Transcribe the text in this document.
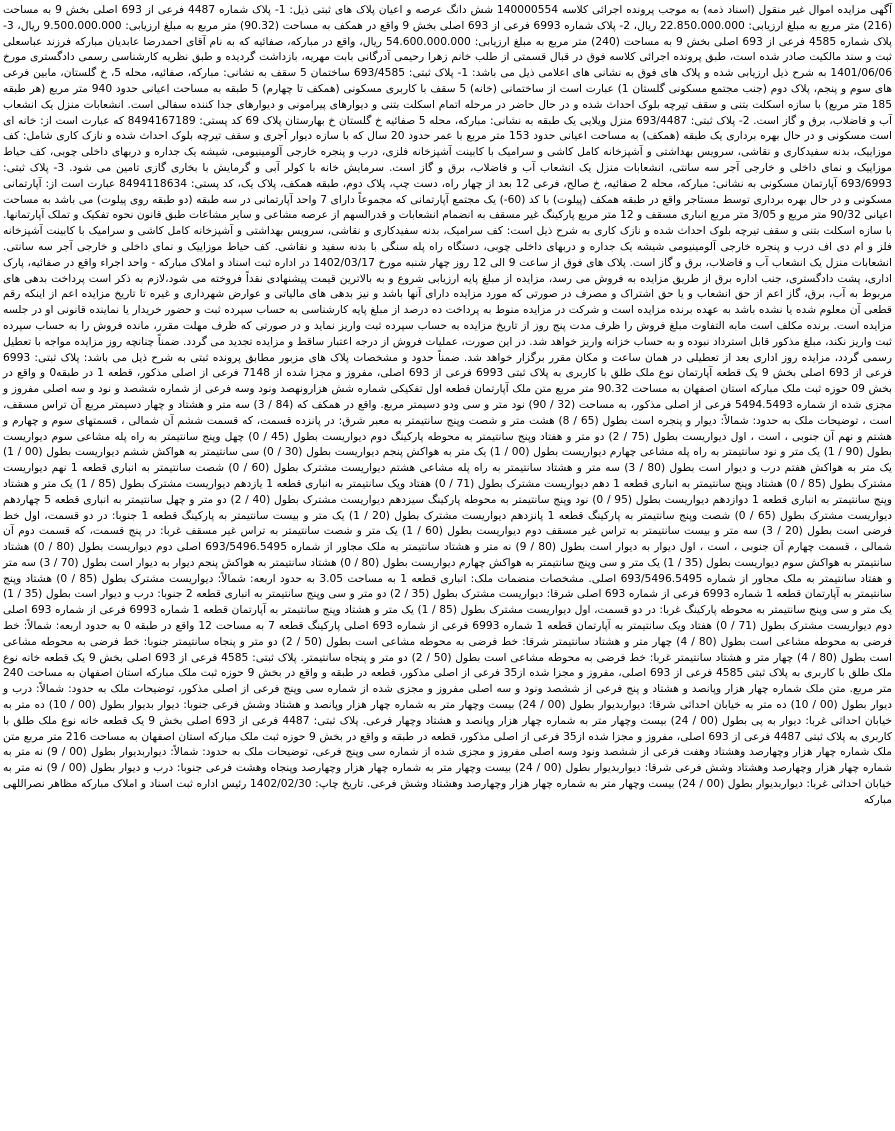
آگهی مزایده اموال غیر منقول (اسناد ذمه) به موجب پرونده اجرائی کلاسه 140000554 شش دانگ عرصه و اعیان پلاک های ثبتی ذیل: 1- پلاک شماره 4487 فرعی از 693 اصلی بخش 9 به مساحت (216) متر مربع به مبلغ ارزیابی: 22.850.000.000 ریال، 2- پلاک شماره 6993 فرعی از 693 اصلی بخش 9 واقع در همکف به مساحت (90.32) متر مربع به مبلغ ارزیابی: 9.500.000.000 ریال، 3-پلاک شماره 4585 فرعی از 693 اصلی بخش 9 به مساحت (240) متر مربع به مبلغ ارزیابی: 54.600.000.000 ریال، واقع در مبارکه، صفائیه که به نام آقای احمدرضا عابدیان مبارکه فرزند عباسعلی ثبت و سند مالکیت صادر شده است، طبق پرونده اجرائی کلاسه فوق در قبال قسمتی از طلب خانم زهرا رحیمی آدرگانی بابت مهریه، بازداشت گردیده و طبق نظریه کارشناسی رسمی دادگستری مورخ 1401/06/06 به شرح ذیل ارزیابی شده و پلاک های فوق به نشانی های اعلامی ذیل می باشد: 1- پلاک ثبتی: 693/4585 ساختمان 5 سقف به نشانی: مبارکه، صفائیه، محله 5، خ گلستان، مابین فرعی های سوم و پنجم، پلاک دوم (جنب مجتمع مسکونی گلستان 1) عبارت است از ساختمانی (خانه) 5 سقف با کاربری مسکونی (همکف تا چهارم) 5 طبقه به مساحت اعیانی حدود 940 متر مربع (هر طبقه 185 متر مربع) با سازه اسکلت بتنی و سقف تیرچه بلوک احداث شده و در حال حاضر در مرحله اتمام اسکلت بتنی و دیوارهای پیرامونی و دیوارهای جدا کننده سفالی است. انشعابات منزل یک انشعاب آب و فاضلاب، برق و گاز است. 2- پلاک ثبتی: 693/4487 منزل ویلایی یک طبقه به نشانی: مبارکه، محله 5 صفائیه خ گلستان خ بهارستان پلاک 69 کد پستی: 8494167189 که عبارت است از: خانه ای است مسکونی و در حال بهره برداری یک طبقه (همکف) به مساحت اعیانی حدود 153 متر مربع با عمر حدود 20 سال که با سازه دیوار آجری و سقف تیرچه بلوک احداث شده و نازک کاری شامل: کف موزاییک، بدنه سفیدکاری و نقاشی، سرویس بهداشتی و آشپزخانه کامل کاشی و سرامیک با کابینت آشپزخانه فلزی، درب و پنجره خارجی آلومینیومی، شیشه یک جداره و دربهای داخلی چوبی، کف حیاط موزاییک و نمای داخلی و خارجی آجر سه سانتی، انشعابات منزل یک انشعاب آب و فاضلاب، برق و گاز است. سرمایش خانه با کولر آبی و گرمایش با بخاری گازی تامین می شود. 3- پلاک ثبتی: 693/6993 آپارتمان مسکونی به نشانی: مبارکه، محله 2 صفائیه، خ صالح، فرعی 12 بعد از چهار راه، دست چپ، پلاک دوم، طبقه همکف، پلاک یک، کد پستی: 8494118634 عبارت است از: آپارتمانی مسکونی و در حال بهره برداری توسط مستاجر واقع در طبقه همکف (پیلوت) با کد (60-) یک مجتمع آپارتمانی که مجموعاً دارای 7 واحد آپارتمانی در سه طبقه (دو طبقه روی پیلوت) می باشد به مساحت اعیانی 90/32 متر مربع و 3/05 متر مربع انباری مسقف و 12 متر مربع پارکینگ غیر مسقف به انضمام انشعابات و قدرالسهم از عرصه مشاعی و سایر مشاعات طبق قانون نحوه تفکیک و تملک آپارتمانها. با سازه اسکلت بتنی و سقف تیرچه بلوک احداث شده و نازک کاری به شرح ذیل است: کف سرامیک، بدنه سفیدکاری و نقاشی، سرویس بهداشتی و آشپزخانه کامل کاشی و سرامیک با کابینت آشپزخانه فلز و ام دی اف درب و پنجره خارجی آلومینیومی شیشه یک جداره و دربهای داخلی چوبی، دستگاه راه پله سنگی با بدنه سفید و نقاشی. کف حیاط موزاییک و نمای داخلی و خارجی آجر سه سانتی. انشعابات منزل یک انشعاب آب و فاضلاب، برق و گاز است. پلاک های فوق از ساعت 9 الی 12 روز چهار شنبه مورخ 1402/03/17 در اداره ثبت اسناد و املاک مبارکه - واحد اجراء واقع در صفائیه، پارک اداری، پشت دادگستری، جنب اداره برق از طریق مزایده به فروش می رسد، مزایده از مبلغ پایه ارزیابی شروع و به بالاترین قیمت پیشنهادی نقداً فروخته می شود،لازم به ذکر است پرداخت بدهی های مربوط به آب، برق، گاز اعم از حق انشعاب و یا حق اشتراک و مصرف در صورتی که مورد مزایده دارای آنها باشد و نیز بدهی های مالیاتی و عوارض شهرداری و غیره تا تاریخ مزایده اعم از اینکه رقم قطعی آن معلوم شده یا نشده باشد به عهده برنده مزایده است و شرکت در مزایده منوط به پرداخت ده درصد از مبلغ پایه کارشناسی به حساب سپرده ثبت و حضور خریدار یا نماینده قانونی او در جلسه مزایده است. برنده مکلف است مابه التفاوت مبلغ فروش را ظرف مدت پنج روز از تاریخ مزایده به حساب سپرده ثبت واریز نماید و در صورتی که ظرف مهلت مقرر، مانده فروش را به حساب سپرده ثبت واریز نکند، مبلغ مذکور قابل استرداد نبوده و به حساب خزانه واریز خواهد شد. در این صورت، عملیات فروش از درجه اعتبار ساقط و مزایده تجدید می گردد. ضمناً چنانچه روز مزایده مواجه با تعطیل رسمی گردد، مزایده روز اداری بعد از تعطیلی در همان ساعت و مکان مقرر برگزار خواهد شد. ضمناً حدود و مشخصات پلاک های مزبور مطابق پرونده ثبتی به شرح ذیل می باشد: پلاک ثبتی: 6993 فرعی از 693 اصلی بخش 9 یک قطعه آپارتمان نوع ملک طلق با کاربری به پلاک ثبتی 6993 فرعی از 693 اصلی، مفروز و مجزا شده از 7148 فرعی از اصلی مذکور، قطعه 1 در طبقه0 و واقع در بخش 09 حوزه ثبت ملک مبارکه استان اصفهان به مساحت 90.32 متر مربع متن ملک آپارتمان قطعه اول تفکیکی شماره شش هزارونهصد ونود وسه فرعی از شماره ششصد و نود و سه اصلی مفروز و مجزی شده از شماره 5494.5493 فرعی از اصلی مذکور، به مساحت (32 / 90) نود متر و سی ودو دسیمتر مربع. واقع در همکف که (84 / 3) سه متر و هشتاد و چهار دسیمتر مربع آن تراس مسقف، است ، توضیحات ملک به حدود: شمالاً: دیوار و پنجره است بطول (65 / 8) هشت متر و شصت وپنج سانتیمتر به معبر شرق: در پانزده قسمت، که قسمت ششم آن شمالی ، قسمتهای سوم و چهارم و هشتم و نهم آن جنوبی ، است ، اول دیواریست بطول (75 / 2) دو متر و هفتاد وپنج سانتیمتر به محوطه پارکینگ دوم دیواریست بطول (45 / 0) چهل وپنج سانتیمتر به راه پله مشاعی سوم دیواریست بطول (90 / 1) یک متر و نود سانتیمتر به راه پله مشاعی چهارم دیواریست بطول (00 / 1) یک متر به هواکش پنجم دیواریست بطول (30 / 0) سی سانتیمتر به هواکش ششم دیواریست بطول (00 / 1) یک متر به هواکش هفتم درب و دیوار است بطول (80 / 3) سه متر و هشتاد سانتیمتر به راه پله مشاعی هشتم دیواریست مشترک بطول (60 / 0) شصت سانتیمتر به انباری قطعه 1 نهم دیواریست مشترک بطول (85 / 0) هشتاد وپنج سانتیمتر به انباری قطعه 1 دهم دیواریست مشترک بطول (71 / 0) هفتاد ویک سانتیمتر به انباری قطعه 1 یازدهم دیواریست مشترک بطول (85 / 1) یک متر و هشتاد وپنج سانتیمتر به انباری قطعه 1 دوازدهم دیواریست بطول (95 / 0) نود وپنج سانتیمتر به محوطه پارکینگ سیزدهم دیواریست مشترک بطول (40 / 2) دو متر و چهل سانتیمتر به انباری قطعه 5 چهاردهم دیواریست مشترک بطول (65 / 0) شصت وپنج سانتیمتر به پارکینگ قطعه 1 پانزدهم دیواریست مشترک بطول (20 / 1) یک متر و بیست سانتیمتر به پارکینگ قطعه 1 جنوبا: در دو قسمت، اول خط فرضی است بطول (20 / 3) سه متر و بیست سانتیمتر به تراس غیر مسقف دوم دیواریست بطول (60 / 1) یک متر و شصت سانتیمتر به تراس غیر مسقف غربا: در پنج قسمت، که قسمت دوم آن شمالی ، قسمت چهارم آن جنوبی ، است ، اول دیوار به دیوار است بطول (80 / 9) نه متر و هشتاد سانتیمتر به ملک مجاور از شماره 693/5496.5495 اصلی دوم دیواریست بطول (80 / 0) هشتاد سانتیمتر به هواکش سوم دیواریست بطول (35 / 1) یک متر و سی وپنج سانتیمتر به هواکش چهارم دیواریست بطول (80 / 0) هشتاد سانتیمتر به هواکش پنجم دیوار به دیوار است بطول (70 / 3) سه متر و هفتاد سانتیمتر به ملک مجاور از شماره 693/5496.5495 اصلی. مشخصات منضمات ملک: انباری قطعه 1 به مساحت 3.05 به حدود اربعه: شمالاً: دیواریست مشترک بطول (85 / 0) هشتاد وپنج سانتیمتر به آپارتمان قطعه 1 شماره 6993 فرعی از شماره 693 اصلی شرقا: دیواریست مشترک بطول (35 / 2) دو متر و سی وپنج سانتیمتر به انباری قطعه 2 جنوبا: درب و دیوار است بطول (35 / 1) یک متر و سی وپنج سانتیمتر به محوطه پارکینگ غربا: در دو قسمت، اول دیواریست مشترک بطول (85 / 1) یک متر و هشتاد وپنج سانتیمتر به آپارتمان قطعه 1 شماره 6993 فرعی از شماره 693 اصلی دوم دیواریست مشترک بطول (71 / 0) هفتاد ویک سانتیمتر به آپارتمان قطعه 1 شماره 6993 فرعی از شماره 693 اصلی پارکینگ قطعه 7 به مساحت 12 واقع در طبقه 0 به حدود اربعه: شمالاً: خط فرضی به محوطه مشاعی است بطول (80 / 4) چهار متر و هشتاد سانتیمتر شرقا: خط فرضی به محوطه مشاعی است بطول (50 / 2) دو متر و پنجاه سانتیمتر جنوبا: خط فرضی به محوطه مشاعی است بطول (80 / 4) چهار متر و هشتاد سانتیمتر غربا: خط فرضی به محوطه مشاعی است بطول (50 / 2) دو متر و پنجاه سانتیمتر. پلاک ثبتی: 4585 فرعی از 693 اصلی بخش 9 یک قطعه خانه نوع ملک طلق با کاربری به پلاک ثبتی 4585 فرعی از 693 اصلی، مفروز و مجزا شده از35 فرعی از اصلی مذکور، قطعه در طبقه و واقع در بخش 9 حوزه ثبت ملک مبارکه استان اصفهان به مساحت 240 متر مربع. متن ملک شماره چهار هزار وپانصد و هشتاد و پنج فرعی از ششصد ونود و سه اصلی مفروز و مجزی شده از شماره سی وپنج فرعی از اصلی مذکور، توضیحات ملک به حدود: شمالاً: درب و دیوار بطول (00 / 10) ده متر به خیابان احداثی شرقا: دیواربدیوار بطول (00 / 24) بیست وچهار متر به شماره چهار هزار وپانصد و هشتاد وشش فرعی جنوبا: دیوار بدیوار بطول (00 / 10) ده متر به خیابان احداثی غربا: دیوار به پی بطول (00 / 24) بیست وچهار متر به شماره چهار هزار وپانصد و هشتاد وچهار فرعی. پلاک ثبتی: 4487 فرعی از 693 اصلی بخش 9 یک قطعه خانه نوع ملک طلق با کاربری به پلاک ثبتی 4487 فرعی از 693 اصلی، مفروز و مجزا شده از35 فرعی از اصلی مذکور، قطعه در طبقه و واقع در بخش 9 حوزه ثبت ملک مبارکه استان اصفهان به مساحت 216 متر مربع متن ملک شماره چهار هزار وچهارصد وهشتاد وهفت فرعی از ششصد ونود وسه اصلی مفروز و مجزی شده از شماره سی وپنج فرعی، توضیحات ملک به حدود: شمالاً: دیواربدیوار بطول (00 / 9) نه متر به شماره چهار هزار وچهارصد وهشتاد وشش فرعی شرقا: دیواربدیوار بطول (00 / 24) بیست وچهار متر به شماره چهار هزار وچهارصد وپنجاه وهشت فرعی جنوبا: درب و دیوار بطول (00 / 9) نه متر به خیابان احداثی غربا: دیواربدیوار بطول (00 / 24) بیست وچهار متر به شماره چهار هزار وچهارصد وهشتاد وشش فرعی. تاریخ چاپ: 1402/02/30 رئیس اداره ثبت اسناد و املاک مبارکه مظاهر نصراللهی مبارکه
